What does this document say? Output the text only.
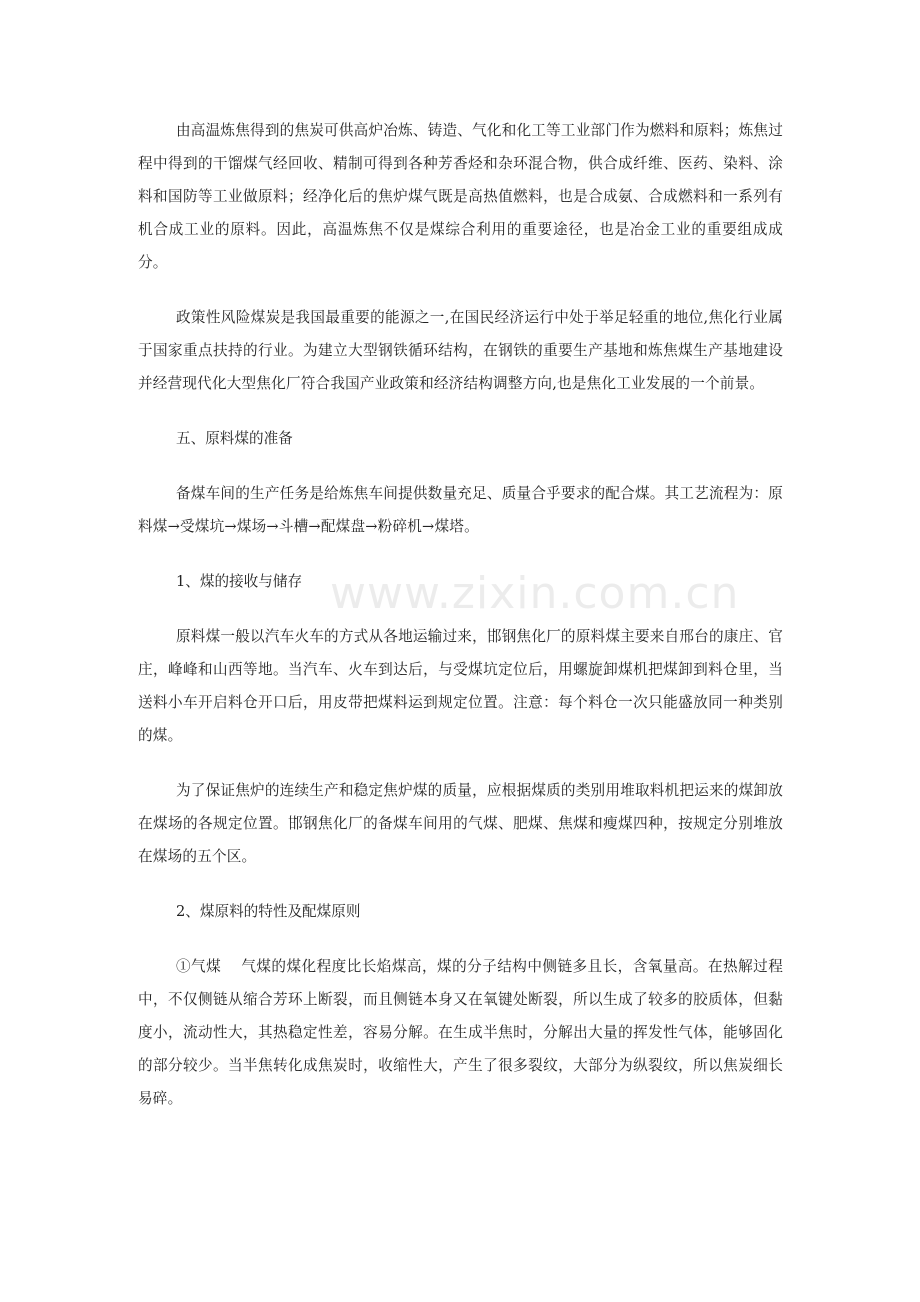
由高温炼焦得到的焦炭可供高炉冶炼、铸造、气化和化工等工业部门作为燃料和原料；炼焦过程中得到的干馏煤气经回收、精制可得到各种芳香烃和杂环混合物，供合成纤维、医药、染料、涂料和国防等工业做原料；经净化后的焦炉煤气既是高热值燃料，也是合成氨、合成燃料和一系列有机合成工业的原料。因此，高温炼焦不仅是煤综合利用的重要途径，也是冶金工业的重要组成成分。

政策性风险煤炭是我国最重要的能源之一,在国民经济运行中处于举足轻重的地位,焦化行业属于国家重点扶持的行业。为建立大型钢铁循环结构，在钢铁的重要生产基地和炼焦煤生产基地建设并经营现代化大型焦化厂符合我国产业政策和经济结构调整方向,也是焦化工业发展的一个前景。

五、原料煤的准备

备煤车间的生产任务是给炼焦车间提供数量充足、质量合乎要求的配合煤。其工艺流程为：原料煤→受煤坑→煤场→斗槽→配煤盘→粉碎机→煤塔。

1、煤的接收与储存

原料煤一般以汽车火车的方式从各地运输过来，邯钢焦化厂的原料煤主要来自邢台的康庄、官庄，峰峰和山西等地。当汽车、火车到达后，与受煤坑定位后，用螺旋卸煤机把煤卸到料仓里，当送料小车开启料仓开口后，用皮带把煤料运到规定位置。注意：每个料仓一次只能盛放同一种类别的煤。

为了保证焦炉的连续生产和稳定焦炉煤的质量，应根据煤质的类别用堆取料机把运来的煤卸放在煤场的各规定位置。邯钢焦化厂的备煤车间用的气煤、肥煤、焦煤和瘦煤四种，按规定分别堆放在煤场的五个区。

2、煤原料的特性及配煤原则

①气煤　 气煤的煤化程度比长焰煤高，煤的分子结构中侧链多且长，含氧量高。在热解过程中，不仅侧链从缩合芳环上断裂，而且侧链本身又在氧键处断裂，所以生成了较多的胶质体，但黏度小，流动性大，其热稳定性差，容易分解。在生成半焦时，分解出大量的挥发性气体，能够固化的部分较少。当半焦转化成焦炭时，收缩性大，产生了很多裂纹，大部分为纵裂纹，所以焦炭细长易碎。

www.zixin.com.cn
